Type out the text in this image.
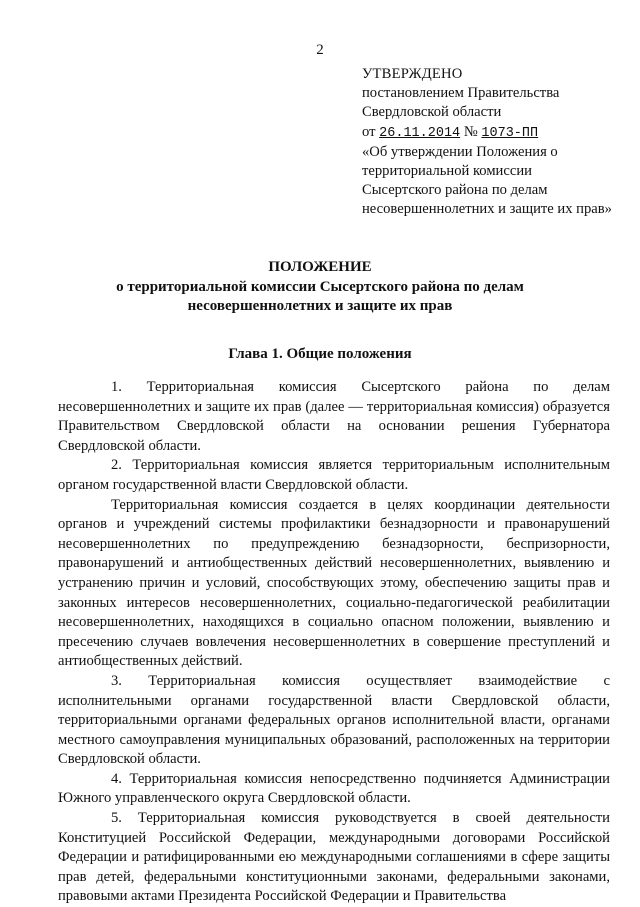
2
УТВЕРЖДЕНО
постановлением Правительства
Свердловской области
от 26.11.2014 № 1073-ПП
«Об утверждении Положения о территориальной комиссии Сысертского района по делам несовершеннолетних и защите их прав»
ПОЛОЖЕНИЕ
о территориальной комиссии Сысертского района по делам
несовершеннолетних и защите их прав
Глава 1. Общие положения

1. Территориальная комиссия Сысертского района по делам несовершеннолетних и защите их прав (далее — территориальная комиссия) образуется Правительством Свердловской области на основании решения Губернатора Свердловской области.

2. Территориальная комиссия является территориальным исполнительным органом государственной власти Свердловской области.

Территориальная комиссия создается в целях координации деятельности органов и учреждений системы профилактики безнадзорности и правонарушений несовершеннолетних по предупреждению безнадзорности, беспризорности, правонарушений и антиобщественных действий несовершеннолетних, выявлению и устранению причин и условий, способствующих этому, обеспечению защиты прав и законных интересов несовершеннолетних, социально-педагогической реабилитации несовершеннолетних, находящихся в социально опасном положении, выявлению и пресечению случаев вовлечения несовершеннолетних в совершение преступлений и антиобщественных действий.

3. Территориальная комиссия осуществляет взаимодействие с исполнительными органами государственной власти Свердловской области, территориальными органами федеральных органов исполнительной власти, органами местного самоуправления муниципальных образований, расположенных на территории Свердловской области.

4. Территориальная комиссия непосредственно подчиняется Администрации Южного управленческого округа Свердловской области.

5. Территориальная комиссия руководствуется в своей деятельности Конституцией Российской Федерации, международными договорами Российской Федерации и ратифицированными ею международными соглашениями в сфере защиты прав детей, федеральными конституционными законами, федеральными законами, правовыми актами Президента Российской Федерации и Правительства
